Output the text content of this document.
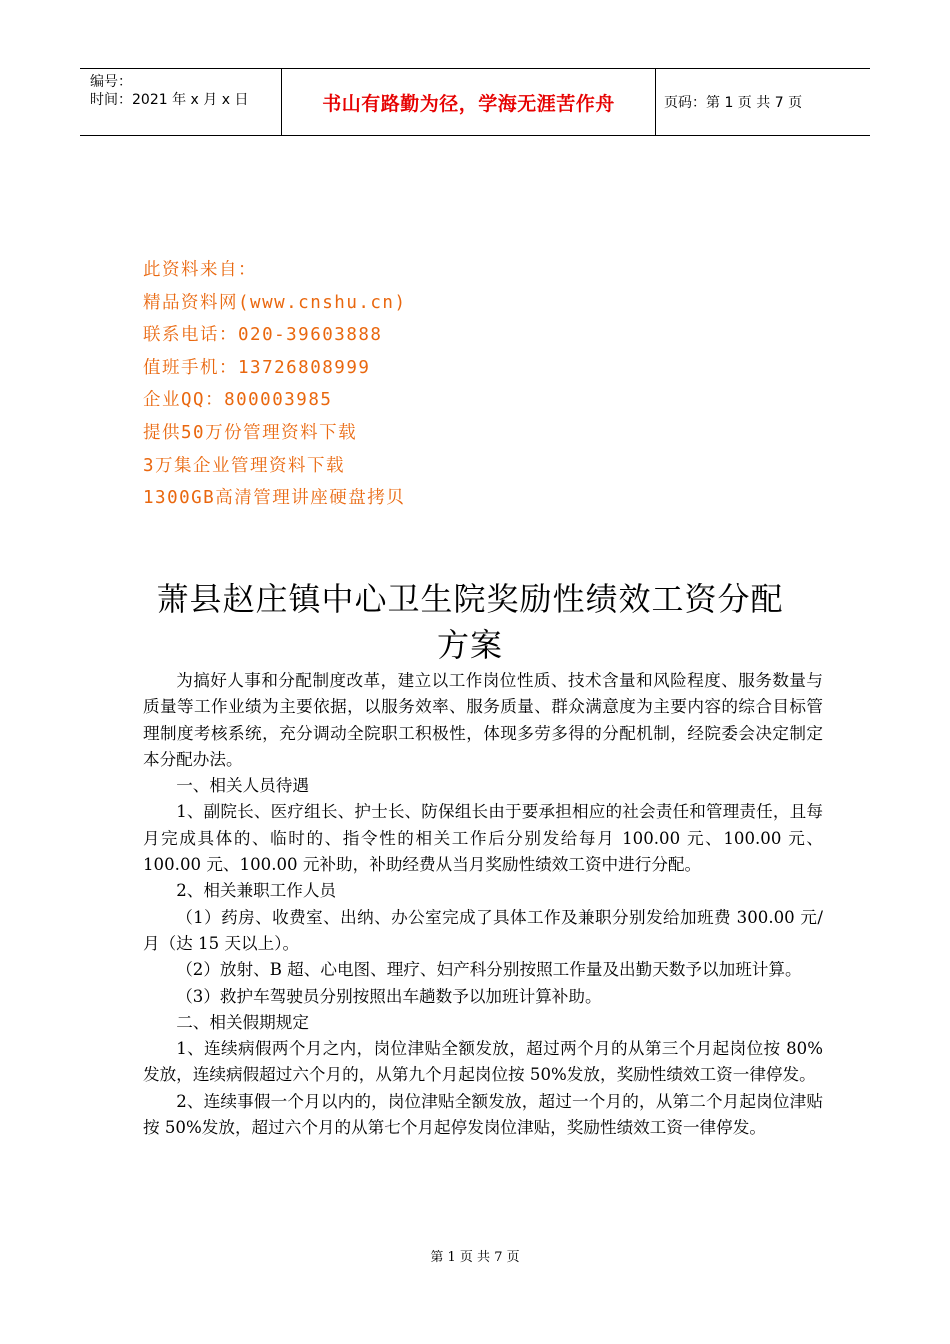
编号：
时间：2021 年 x 月 x 日	书山有路勤为径，学海无涯苦作舟	页码：第 1 页 共 7 页
此资料来自：
精品资料网(www.cnshu.cn)
联系电话：020-39603888
值班手机：13726808999
企业QQ：800003985
提供50万份管理资料下载
3万集企业管理资料下载
1300GB高清管理讲座硬盘拷贝
萧县赵庄镇中心卫生院奖励性绩效工资分配
方案

为搞好人事和分配制度改革，建立以工作岗位性质、技术含量和风险程度、服务数量与质量等工作业绩为主要依据，以服务效率、服务质量、群众满意度为主要内容的综合目标管理制度考核系统，充分调动全院职工积极性，体现多劳多得的分配机制，经院委会决定制定本分配办法。

一、相关人员待遇

1、副院长、医疗组长、护士长、防保组长由于要承担相应的社会责任和管理责任，且每月完成具体的、临时的、指令性的相关工作后分别发给每月 100.00 元、100.00 元、100.00 元、100.00 元补助，补助经费从当月奖励性绩效工资中进行分配。

2、相关兼职工作人员

（1）药房、收费室、出纳、办公室完成了具体工作及兼职分别发给加班费 300.00 元/月（达 15 天以上）。

（2）放射、B 超、心电图、理疗、妇产科分别按照工作量及出勤天数予以加班计算。

（3）救护车驾驶员分别按照出车趟数予以加班计算补助。

二、相关假期规定

1、连续病假两个月之内，岗位津贴全额发放，超过两个月的从第三个月起岗位按 80%发放，连续病假超过六个月的，从第九个月起岗位按 50%发放，奖励性绩效工资一律停发。

2、连续事假一个月以内的，岗位津贴全额发放，超过一个月的，从第二个月起岗位津贴按 50%发放，超过六个月的从第七个月起停发岗位津贴，奖励性绩效工资一律停发。

第 1 页 共 7 页
